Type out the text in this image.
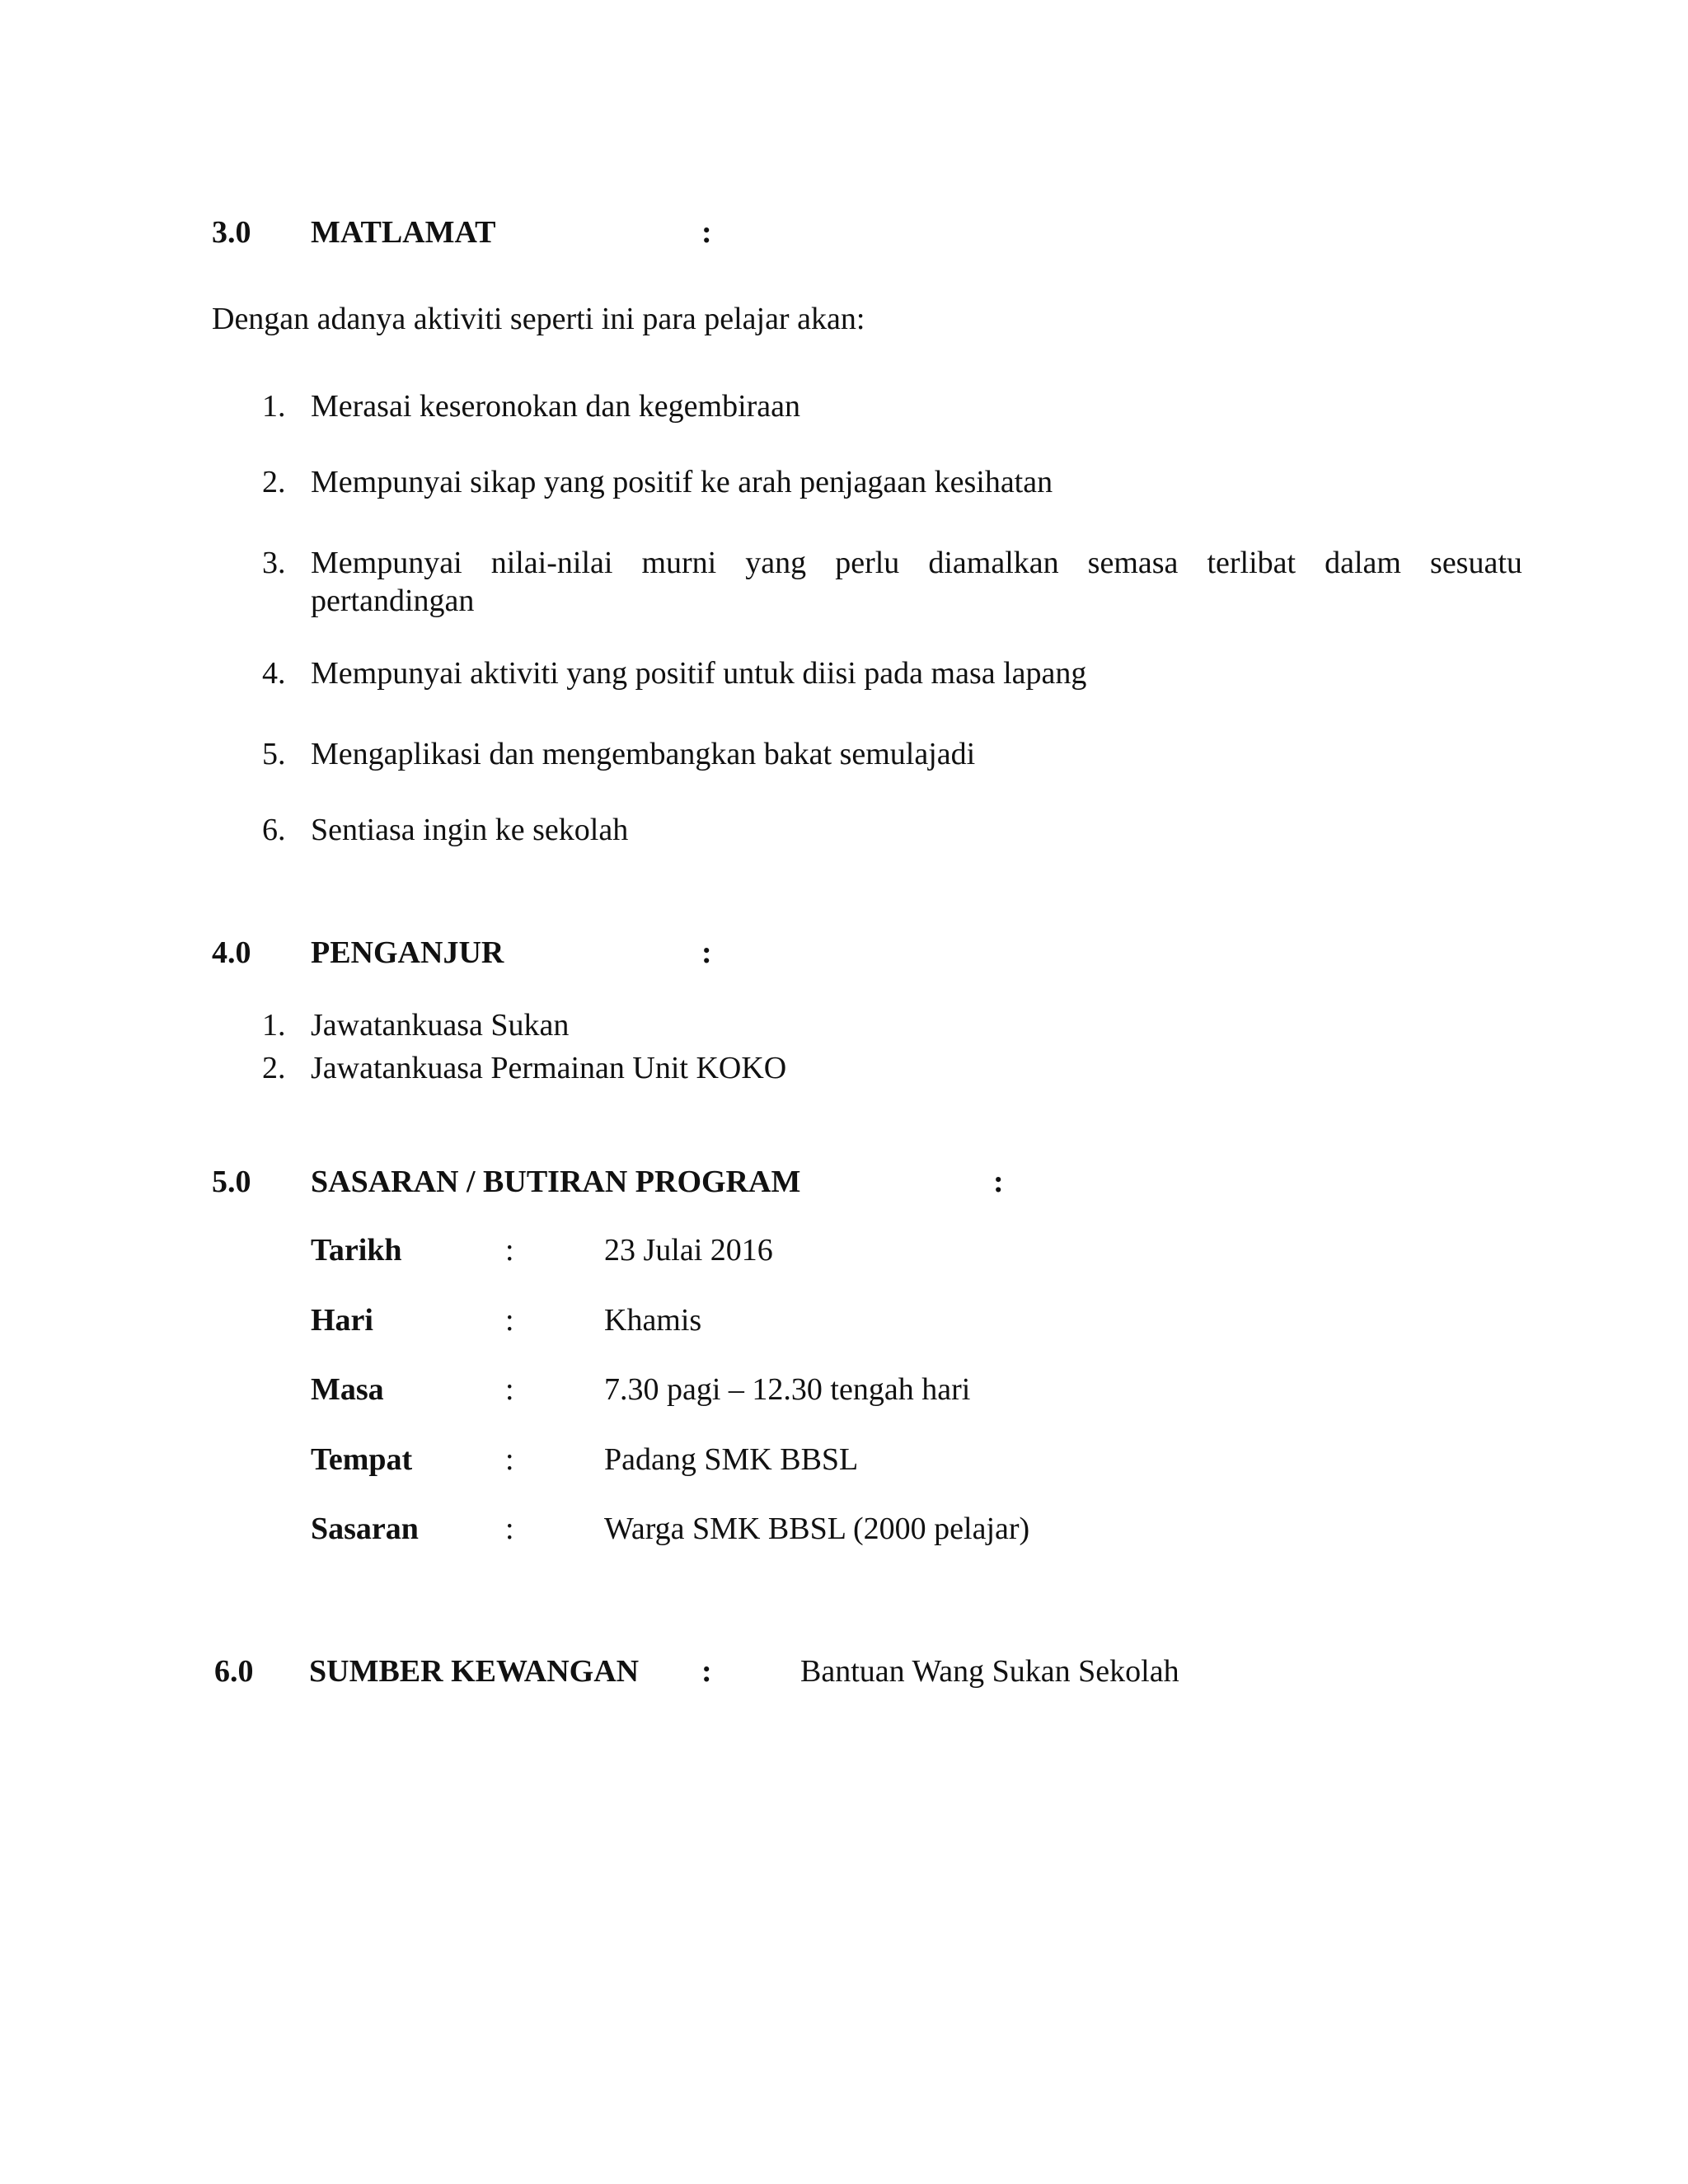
3.0 MATLAMAT	:
Dengan adanya aktiviti seperti ini para pelajar akan:
1. Merasai keseronokan dan kegembiraan
2. Mempunyai sikap yang positif ke arah penjagaan kesihatan
3. Mempunyai nilai-nilai murni yang perlu diamalkan semasa terlibat dalam sesuatu
pertandingan
4. Mempunyai aktiviti yang positif untuk diisi pada masa lapang
5. Mengaplikasi dan mengembangkan bakat semulajadi
6. Sentiasa ingin ke sekolah
4.0 PENGANJUR	:
1. Jawatankuasa Sukan
2. Jawatankuasa Permainan Unit KOKO
5.0 SASARAN / BUTIRAN PROGRAM	:
Tarikh	:	23 Julai 2016
Hari	:	Khamis
Masa	:	7.30 pagi – 12.30 tengah hari
Tempat	:	Padang SMK BBSL
Sasaran	:	Warga SMK BBSL (2000 pelajar)
6.0 SUMBER KEWANGAN :	Bantuan Wang Sukan Sekolah
